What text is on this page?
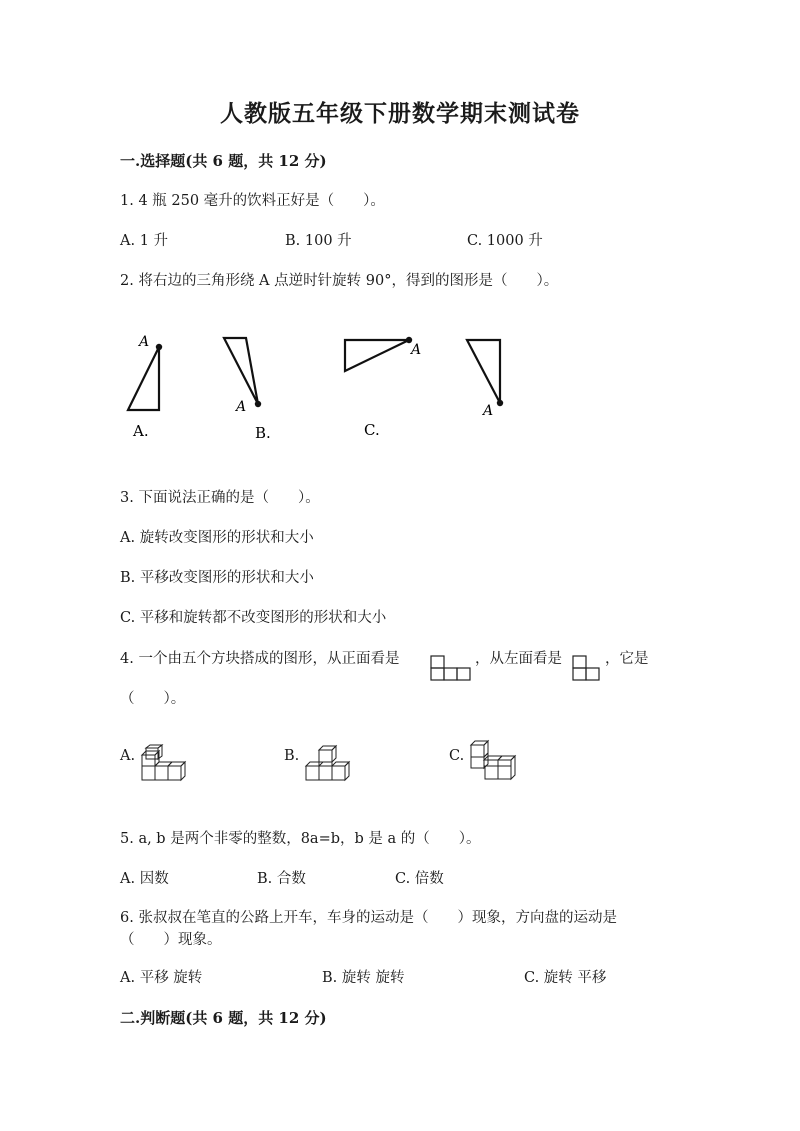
人教版五年级下册数学期末测试卷
一.选择题(共 6 题，共 12 分)
1. 4 瓶 250 毫升的饮料正好是（　　）。
A. 1 升	B. 100 升	C. 1000 升
2. 将右边的三角形绕 A 点逆时针旋转 90°，得到的图形是（　　）。
A
A
A
A
A.	B.	C.
3. 下面说法正确的是（　　）。
A. 旋转改变图形的形状和大小
B. 平移改变图形的形状和大小
C. 平移和旋转都不改变图形的形状和大小
4. 一个由五个方块搭成的图形，从正面看是	，从左面看是	，它是
（　　）。
A.	B.	C.
5. a, b 是两个非零的整数，8a=b，b 是 a 的（　　）。
A. 因数	B. 合数	C. 倍数
6. 张叔叔在笔直的公路上开车，车身的运动是（　　）现象，方向盘的运动是
（　　）现象。
A. 平移 旋转	B. 旋转 旋转	C. 旋转 平移
二.判断题(共 6 题，共 12 分)
